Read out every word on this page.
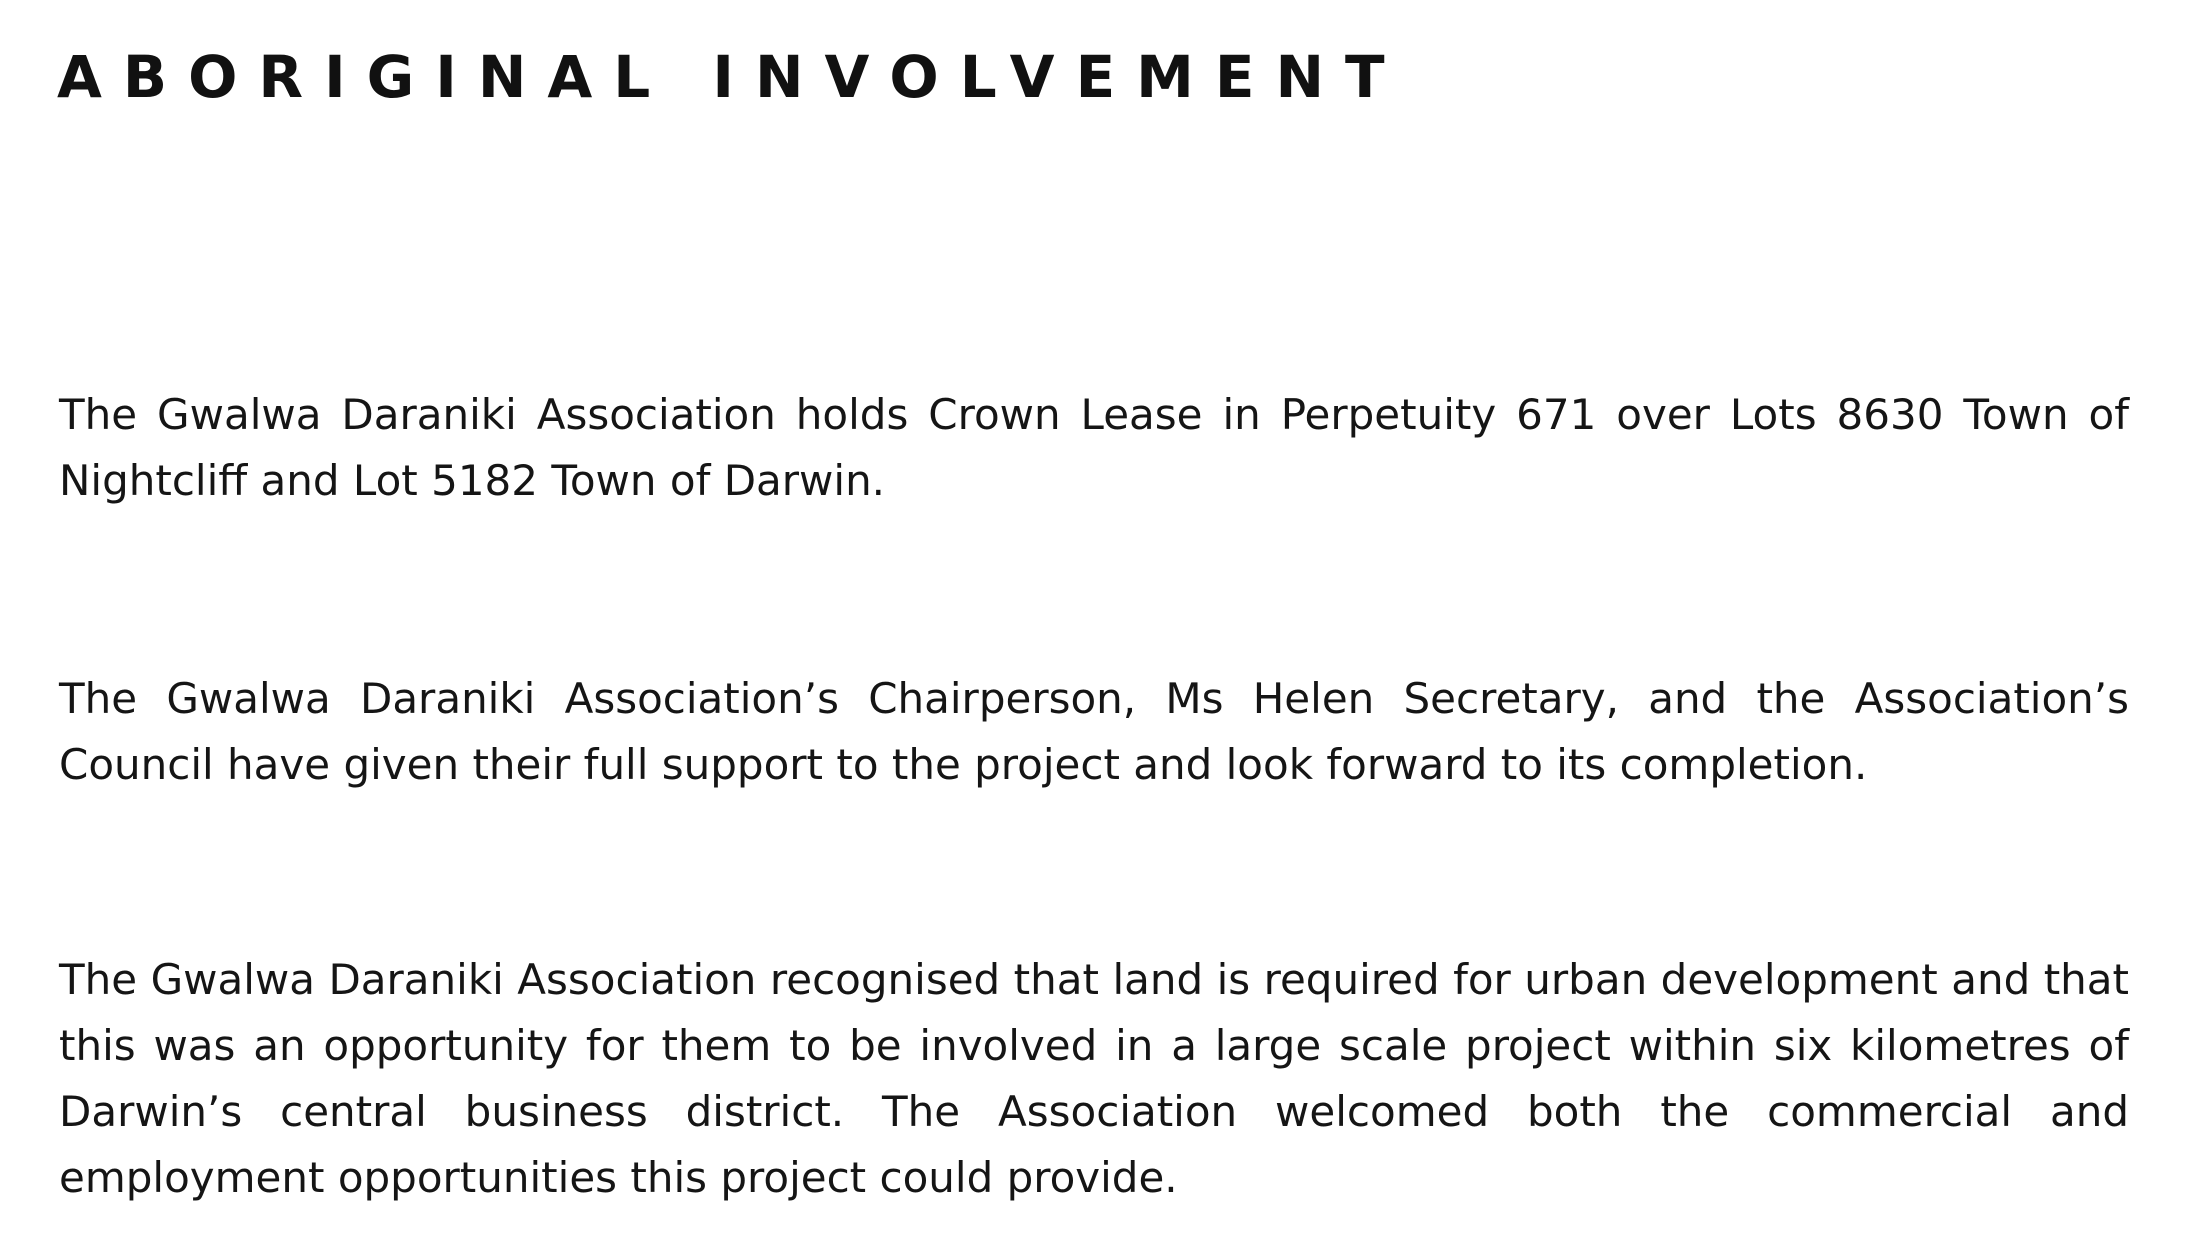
ABORIGINAL INVOLVEMENT

The Gwalwa Daraniki Association holds Crown Lease in Perpetuity 671 over Lots 8630 Town of Nightcliff and Lot 5182 Town of Darwin.

The Gwalwa Daraniki Association’s Chairperson, Ms Helen Secretary, and the Association’s Council have given their full support to the project and look forward to its completion.

The Gwalwa Daraniki Association recognised that land is required for urban development and that this was an opportunity for them to be involved in a large scale project within six kilometres of Darwin’s central business district. The Association welcomed both the commercial and employment opportunities this project could provide.
